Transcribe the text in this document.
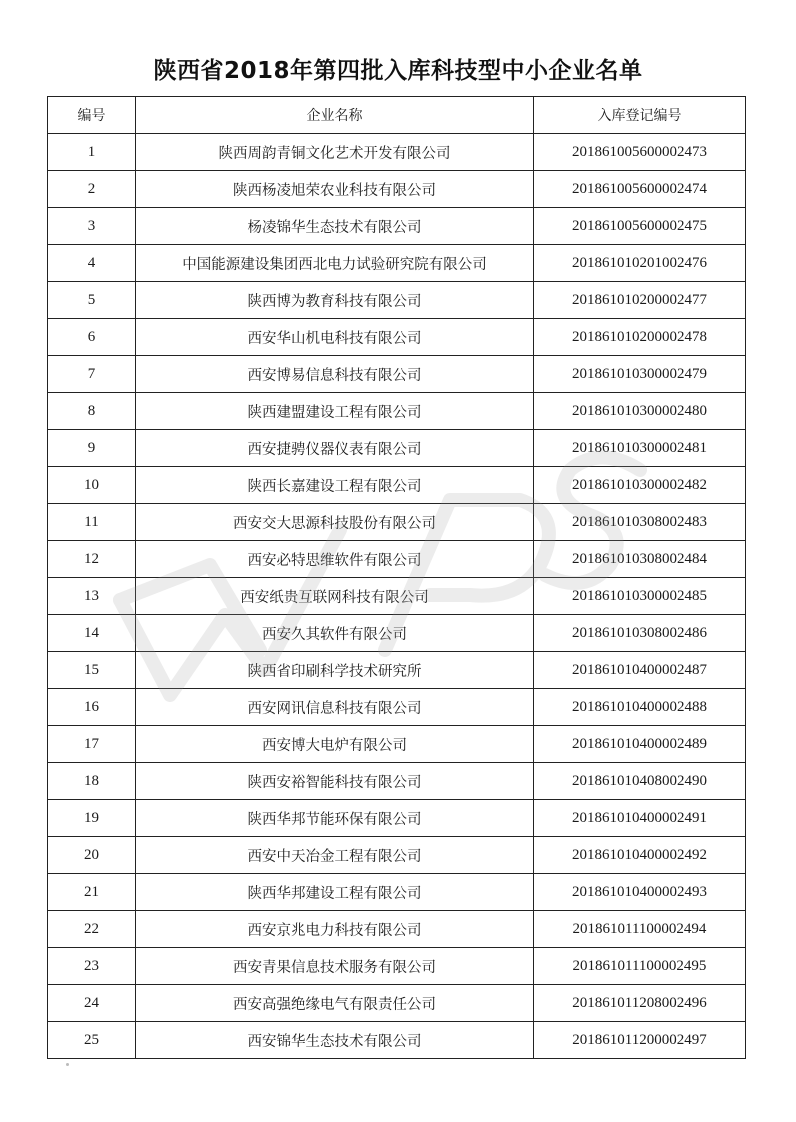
陕西省2018年第四批入库科技型中小企业名单
编号	企业名称	入库登记编号
1	陕西周韵青铜文化艺术开发有限公司	201861005600002473
2	陕西杨凌旭荣农业科技有限公司	201861005600002474
3	杨凌锦华生态技术有限公司	201861005600002475
4	中国能源建设集团西北电力试验研究院有限公司	201861010201002476
5	陕西博为教育科技有限公司	201861010200002477
6	西安华山机电科技有限公司	201861010200002478
7	西安博易信息科技有限公司	201861010300002479
8	陕西建盟建设工程有限公司	201861010300002480
9	西安捷骋仪器仪表有限公司	201861010300002481
10	陕西长嘉建设工程有限公司	201861010300002482
11	西安交大思源科技股份有限公司	201861010308002483
12	西安必特思维软件有限公司	201861010308002484
13	西安纸贵互联网科技有限公司	201861010300002485
14	西安久其软件有限公司	201861010308002486
15	陕西省印刷科学技术研究所	201861010400002487
16	西安网讯信息科技有限公司	201861010400002488
17	西安博大电炉有限公司	201861010400002489
18	陕西安裕智能科技有限公司	201861010408002490
19	陕西华邦节能环保有限公司	201861010400002491
20	西安中天冶金工程有限公司	201861010400002492
21	陕西华邦建设工程有限公司	201861010400002493
22	西安京兆电力科技有限公司	201861011100002494
23	西安青果信息技术服务有限公司	201861011100002495
24	西安高强绝缘电气有限责任公司	201861011208002496
25	西安锦华生态技术有限公司	201861011200002497
